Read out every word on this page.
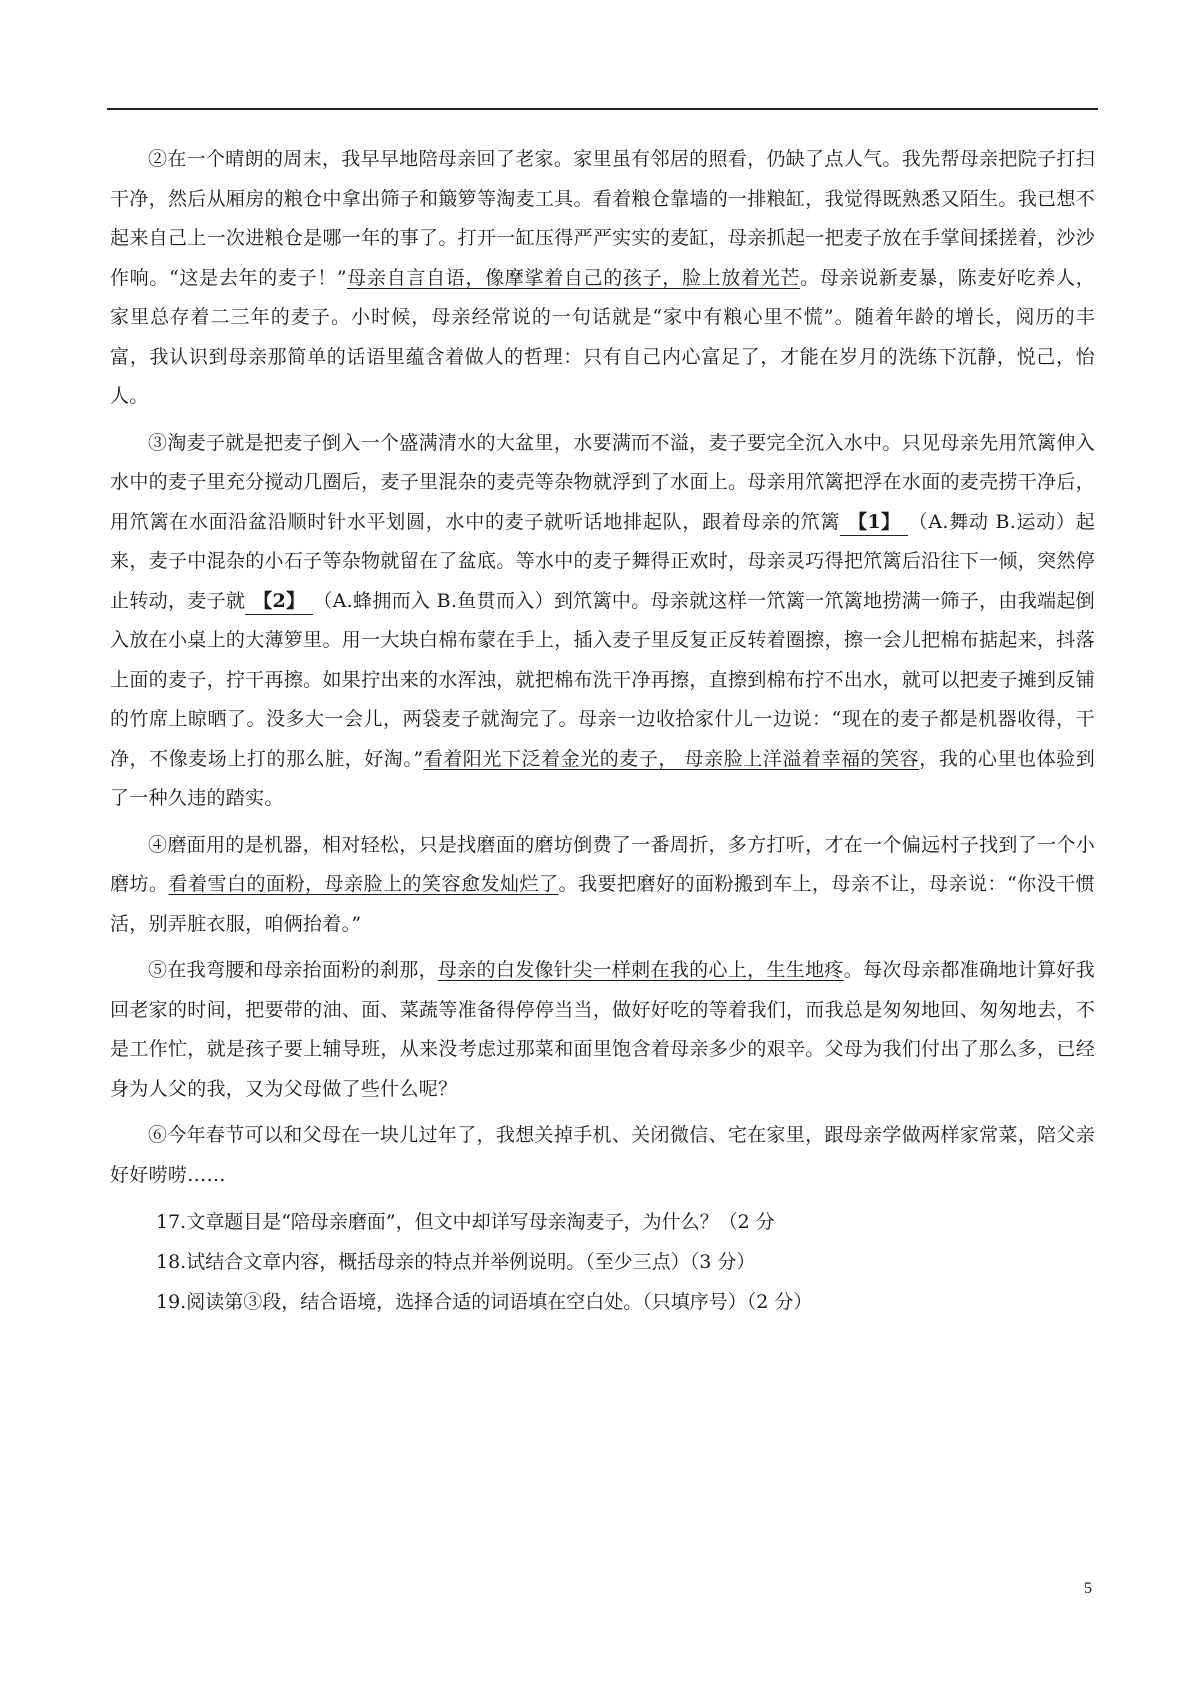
②在一个晴朗的周末，我早早地陪母亲回了老家。家里虽有邻居的照看，仍缺了点人气。我先帮母亲把院子打扫干净，然后从厢房的粮仓中拿出筛子和簸箩等淘麦工具。看着粮仓靠墙的一排粮缸，我觉得既熟悉又陌生。我已想不起来自己上一次进粮仓是哪一年的事了。打开一缸压得严严实实的麦缸，母亲抓起一把麦子放在手掌间揉搓着，沙沙作响。“这是去年的麦子！”母亲自言自语，像摩挲着自己的孩子，脸上放着光芒。母亲说新麦暴，陈麦好吃养人，家里总存着二三年的麦子。小时候，母亲经常说的一句话就是“家中有粮心里不慌”。随着年龄的增长，阅历的丰富，我认识到母亲那简单的话语里蕴含着做人的哲理：只有自己内心富足了，才能在岁月的洗练下沉静，悦己，怡人。

③淘麦子就是把麦子倒入一个盛满清水的大盆里，水要满而不溢，麦子要完全沉入水中。只见母亲先用笊篱伸入水中的麦子里充分搅动几圈后，麦子里混杂的麦壳等杂物就浮到了水面上。母亲用笊篱把浮在水面的麦壳捞干净后，用笊篱在水面沿盆沿顺时针水平划圆，水中的麦子就听话地排起队，跟着母亲的笊篱 【1】 （A.舞动 B.运动）起来，麦子中混杂的小石子等杂物就留在了盆底。等水中的麦子舞得正欢时，母亲灵巧得把笊篱后沿往下一倾，突然停止转动，麦子就 【2】 （A.蜂拥而入 B.鱼贯而入）到笊篱中。母亲就这样一笊篱一笊篱地捞满一筛子，由我端起倒入放在小桌上的大薄箩里。用一大块白棉布蒙在手上，插入麦子里反复正反转着圈擦，擦一会儿把棉布掂起来，抖落上面的麦子，拧干再擦。如果拧出来的水浑浊，就把棉布洗干净再擦，直擦到棉布拧不出水，就可以把麦子摊到反铺的竹席上晾晒了。没多大一会儿，两袋麦子就淘完了。母亲一边收拾家什儿一边说：“现在的麦子都是机器收得，干净，不像麦场上打的那么脏，好淘。”看着阳光下泛着金光的麦子， 母亲脸上洋溢着幸福的笑容，我的心里也体验到了一种久违的踏实。

④磨面用的是机器，相对轻松，只是找磨面的磨坊倒费了一番周折，多方打听，才在一个偏远村子找到了一个小磨坊。看着雪白的面粉，母亲脸上的笑容愈发灿烂了。我要把磨好的面粉搬到车上，母亲不让，母亲说：“你没干惯活，别弄脏衣服，咱俩抬着。”

⑤在我弯腰和母亲抬面粉的刹那，母亲的白发像针尖一样刺在我的心上，生生地疼。每次母亲都准确地计算好我回老家的时间，把要带的油、面、菜蔬等准备得停停当当，做好好吃的等着我们，而我总是匆匆地回、匆匆地去，不是工作忙，就是孩子要上辅导班，从来没考虑过那菜和面里饱含着母亲多少的艰辛。父母为我们付出了那么多，已经身为人父的我，又为父母做了些什么呢？

⑥今年春节可以和父母在一块儿过年了，我想关掉手机、关闭微信、宅在家里，跟母亲学做两样家常菜，陪父亲好好唠唠……

17.文章题目是“陪母亲磨面”，但文中却详写母亲淘麦子，为什么？（2 分

18.试结合文章内容，概括母亲的特点并举例说明。（至少三点）（3 分）

19.阅读第③段，结合语境，选择合适的词语填在空白处。（只填序号）（2 分）

5
